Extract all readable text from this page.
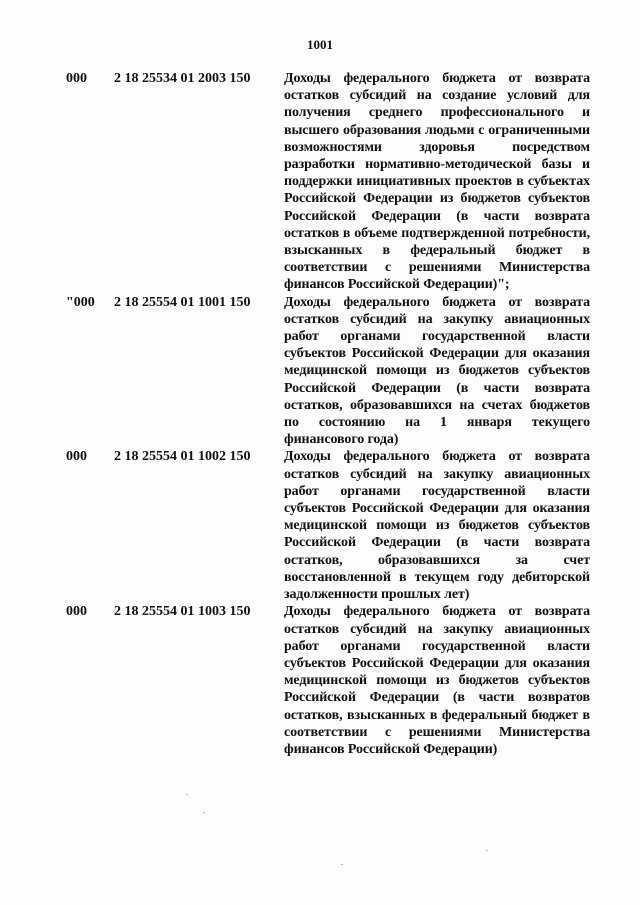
1001
000	2 18 25534 01 2003 150	Доходы федерального бюджета от возврата остатков субсидий на создание условий для получения среднего профессионального и высшего образования людьми с ограниченными возможностями здоровья посредством разработки нормативно-методической базы и поддержки инициативных проектов в субъектах Российской Федерации из бюджетов субъектов Российской Федерации (в части возврата остатков в объеме подтвержденной потребности, взысканных в федеральный бюджет в соответствии с решениями Министерства финансов Российской Федерации)";
"000	2 18 25554 01 1001 150	Доходы федерального бюджета от возврата остатков субсидий на закупку авиационных работ органами государственной власти субъектов Российской Федерации для оказания медицинской помощи из бюджетов субъектов Российской Федерации (в части возврата остатков, образовавшихся на счетах бюджетов по состоянию на 1 января текущего финансового года)
000	2 18 25554 01 1002 150	Доходы федерального бюджета от возврата остатков субсидий на закупку авиационных работ органами государственной власти субъектов Российской Федерации для оказания медицинской помощи из бюджетов субъектов Российской Федерации (в части возврата остатков, образовавшихся за счет восстановленной в текущем году дебиторской задолженности прошлых лет)
000	2 18 25554 01 1003 150	Доходы федерального бюджета от возврата остатков субсидий на закупку авиационных работ органами государственной власти субъектов Российской Федерации для оказания медицинской помощи из бюджетов субъектов Российской Федерации (в части возвратов остатков, взысканных в федеральный бюджет в соответствии с решениями Министерства финансов Российской Федерации)
